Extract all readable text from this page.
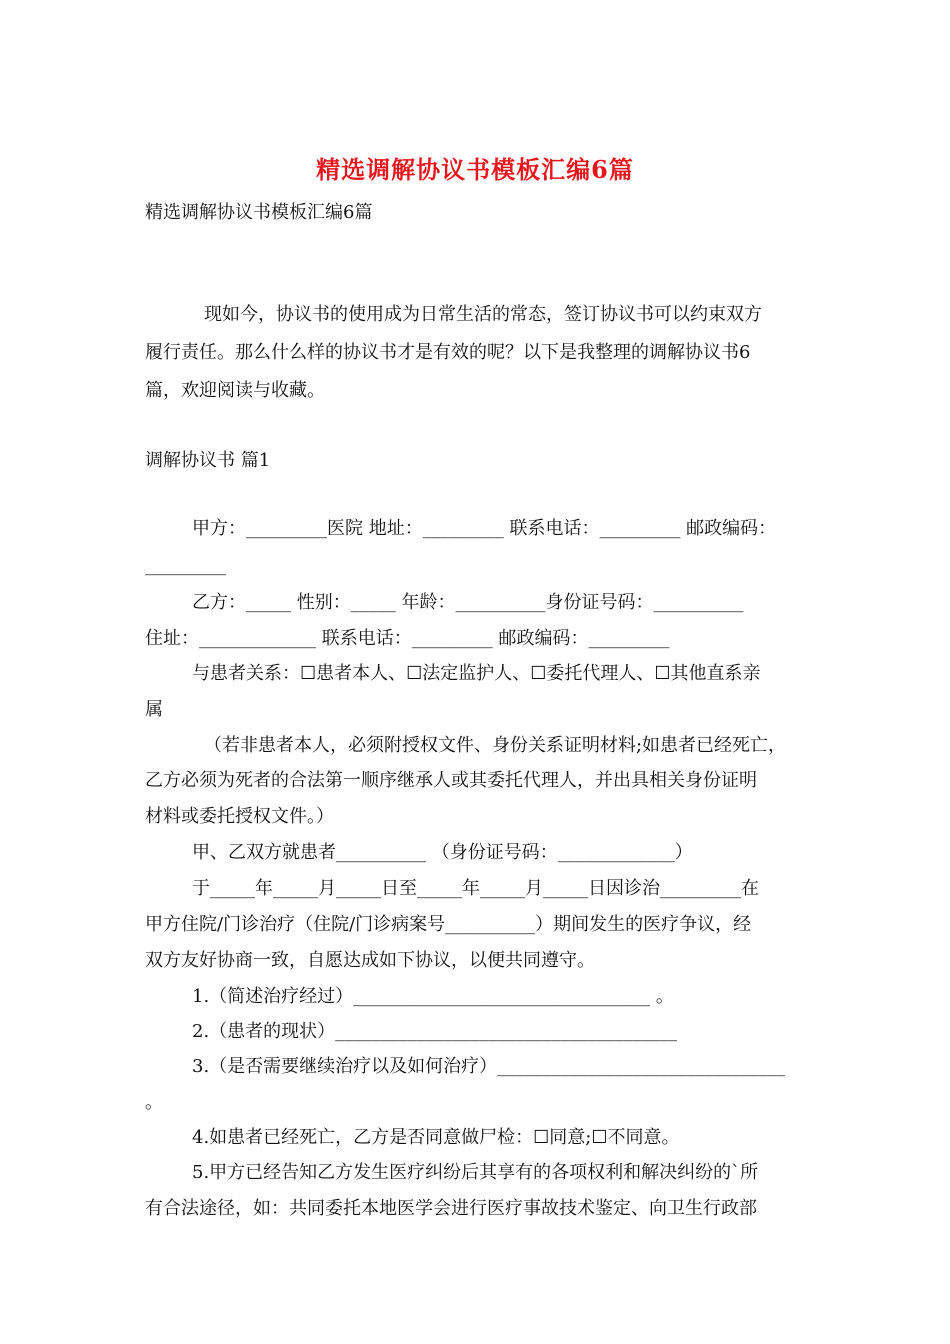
精选调解协议书模板汇编6篇
精选调解协议书模板汇编6篇
现如今，协议书的使用成为日常生活的常态，签订协议书可以约束双方
履行责任。那么什么样的协议书才是有效的呢？以下是我整理的调解协议书6
篇，欢迎阅读与收藏。
调解协议书 篇1
甲方：_________医院 地址：_________ 联系电话：_________ 邮政编码：
_________
乙方：_____ 性别：_____ 年龄：__________身份证号码：__________
住址：_____________ 联系电话：_________ 邮政编码：_________
与患者关系：☐患者本人、☐法定监护人、☐委托代理人、☐其他直系亲
属
（若非患者本人，必须附授权文件、身份关系证明材料;如患者已经死亡，
乙方必须为死者的合法第一顺序继承人或其委托代理人，并出具相关身份证明
材料或委托授权文件。）
甲、乙双方就患者__________ （身份证号码：_____________）
于_____年_____月_____日至_____年_____月_____日因诊治_________在
甲方住院/门诊治疗（住院/门诊病案号__________）期间发生的医疗争议，经
双方友好协商一致，自愿达成如下协议，以便共同遵守。
1.（简述治疗经过）_________________________________ 。
2.（患者的现状）______________________________________
3.（是否需要继续治疗以及如何治疗）________________________________
。
4.如患者已经死亡，乙方是否同意做尸检：☐同意;☐不同意。
5.甲方已经告知乙方发生医疗纠纷后其享有的各项权利和解决纠纷的`所
有合法途径，如：共同委托本地医学会进行医疗事故技术鉴定、向卫生行政部
